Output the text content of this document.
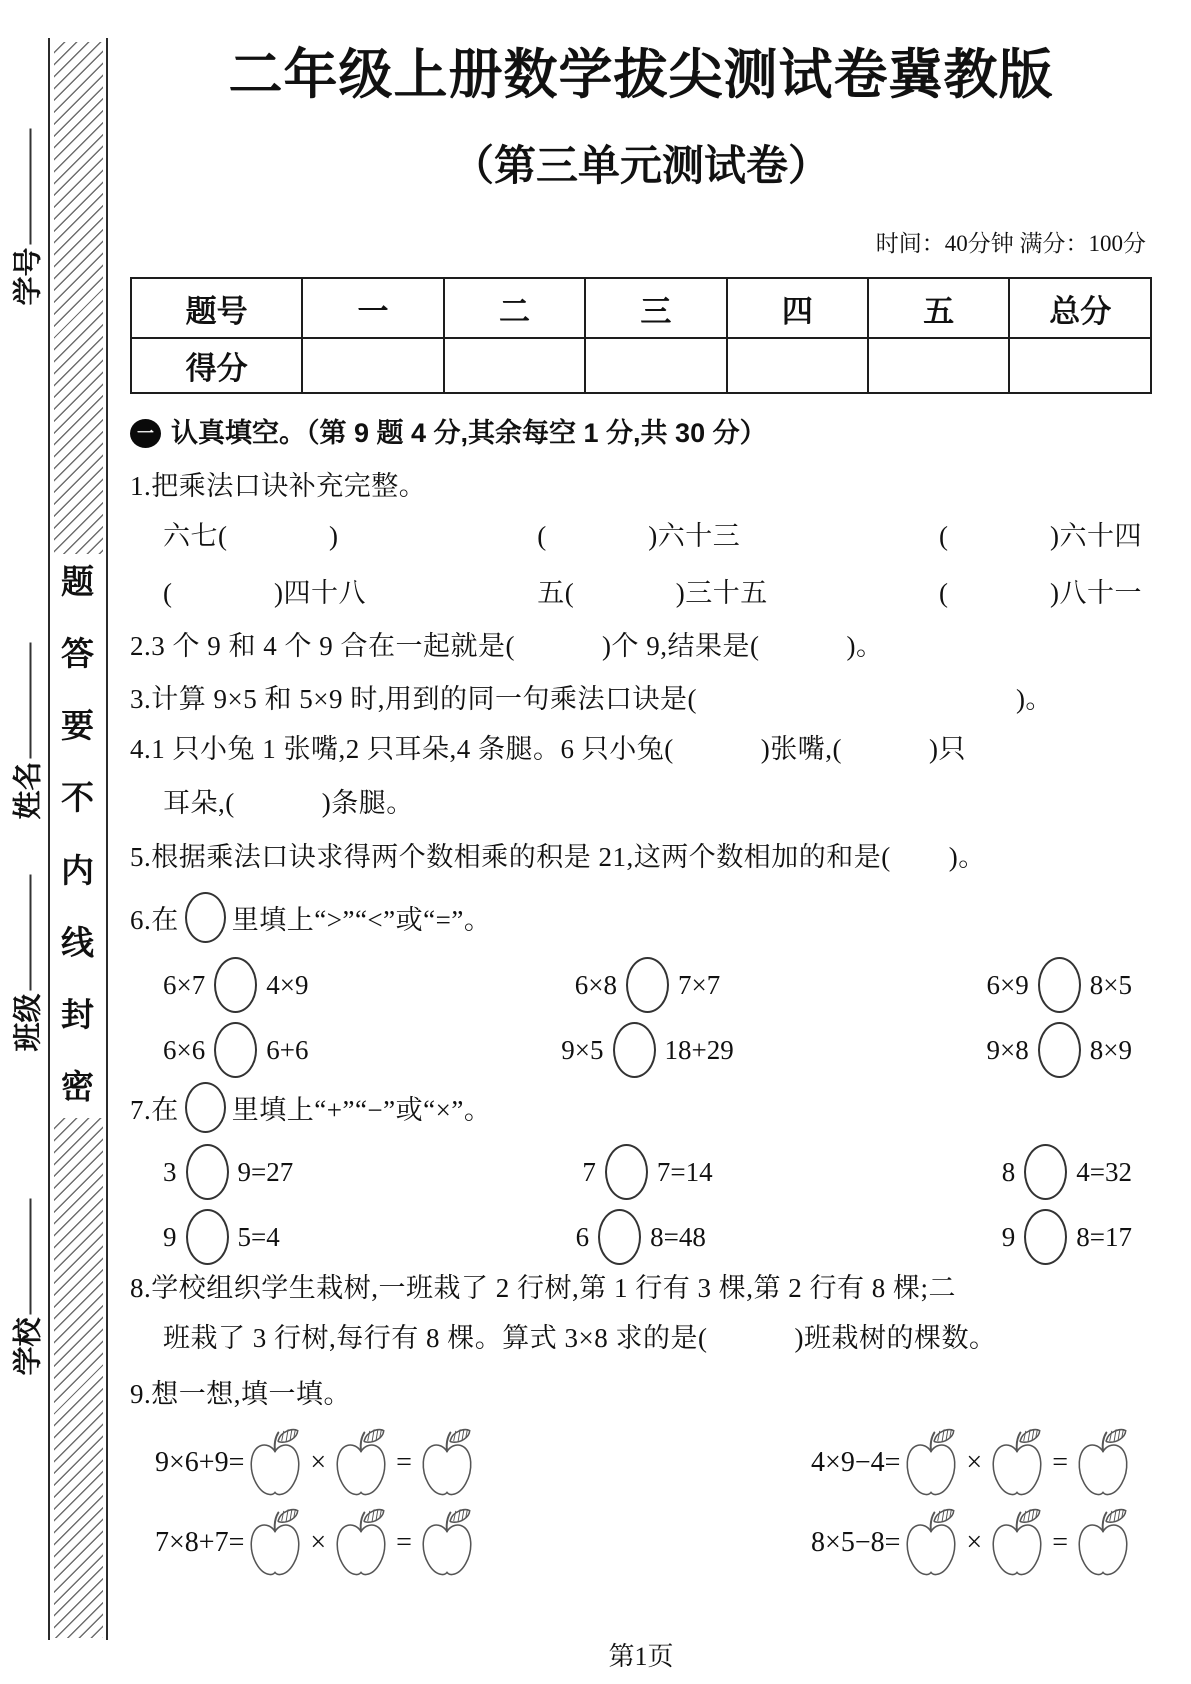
题
答
要
不
内
线
封
密
学号
姓名
班级
学校
二年级上册数学拔尖测试卷冀教版
（第三单元测试卷）
时间：40分钟 满分：100分
题号	一	二	三	四	五	总分
得分						
一 认真填空。（第 9 题 4 分,其余每空 1 分,共 30 分）

1.把乘法口诀补充完整。

六七(              )	(              )六十三	(              )六十四
(              )四十八	五(              )三十五	(              )八十一

2.3 个 9 和 4 个 9 合在一起就是(            )个 9,结果是(            )。

3.计算 9×5 和 5×9 时,用到的同一句乘法口诀是(                                            )。

4.1 只小兔 1 张嘴,2 只耳朵,4 条腿。6 只小兔(            )张嘴,(            )只

耳朵,(            )条腿。

5.根据乘法口诀求得两个数相乘的积是 21,这两个数相加的和是(        )。

6.在 里填上“>”“<”或“=”。
6×7 4×9	6×8 7×7	6×9 8×5
6×6 6+6	9×5 18+29	9×8 8×9
7.在 里填上“+”“−”或“×”。
3 9=27	7 7=14	8 4=32
9 5=4	6 8=48	9 8=17

8.学校组织学生栽树,一班栽了 2 行树,第 1 行有 3 棵,第 2 行有 8 棵;二

班栽了 3 行树,每行有 8 棵。算式 3×8 求的是(            )班栽树的棵数。

9.想一想,填一填。

9×6+9= ×	=	4×9−4= ×	=
7×8+7= ×	=	8×5−8= ×	=
第1页
